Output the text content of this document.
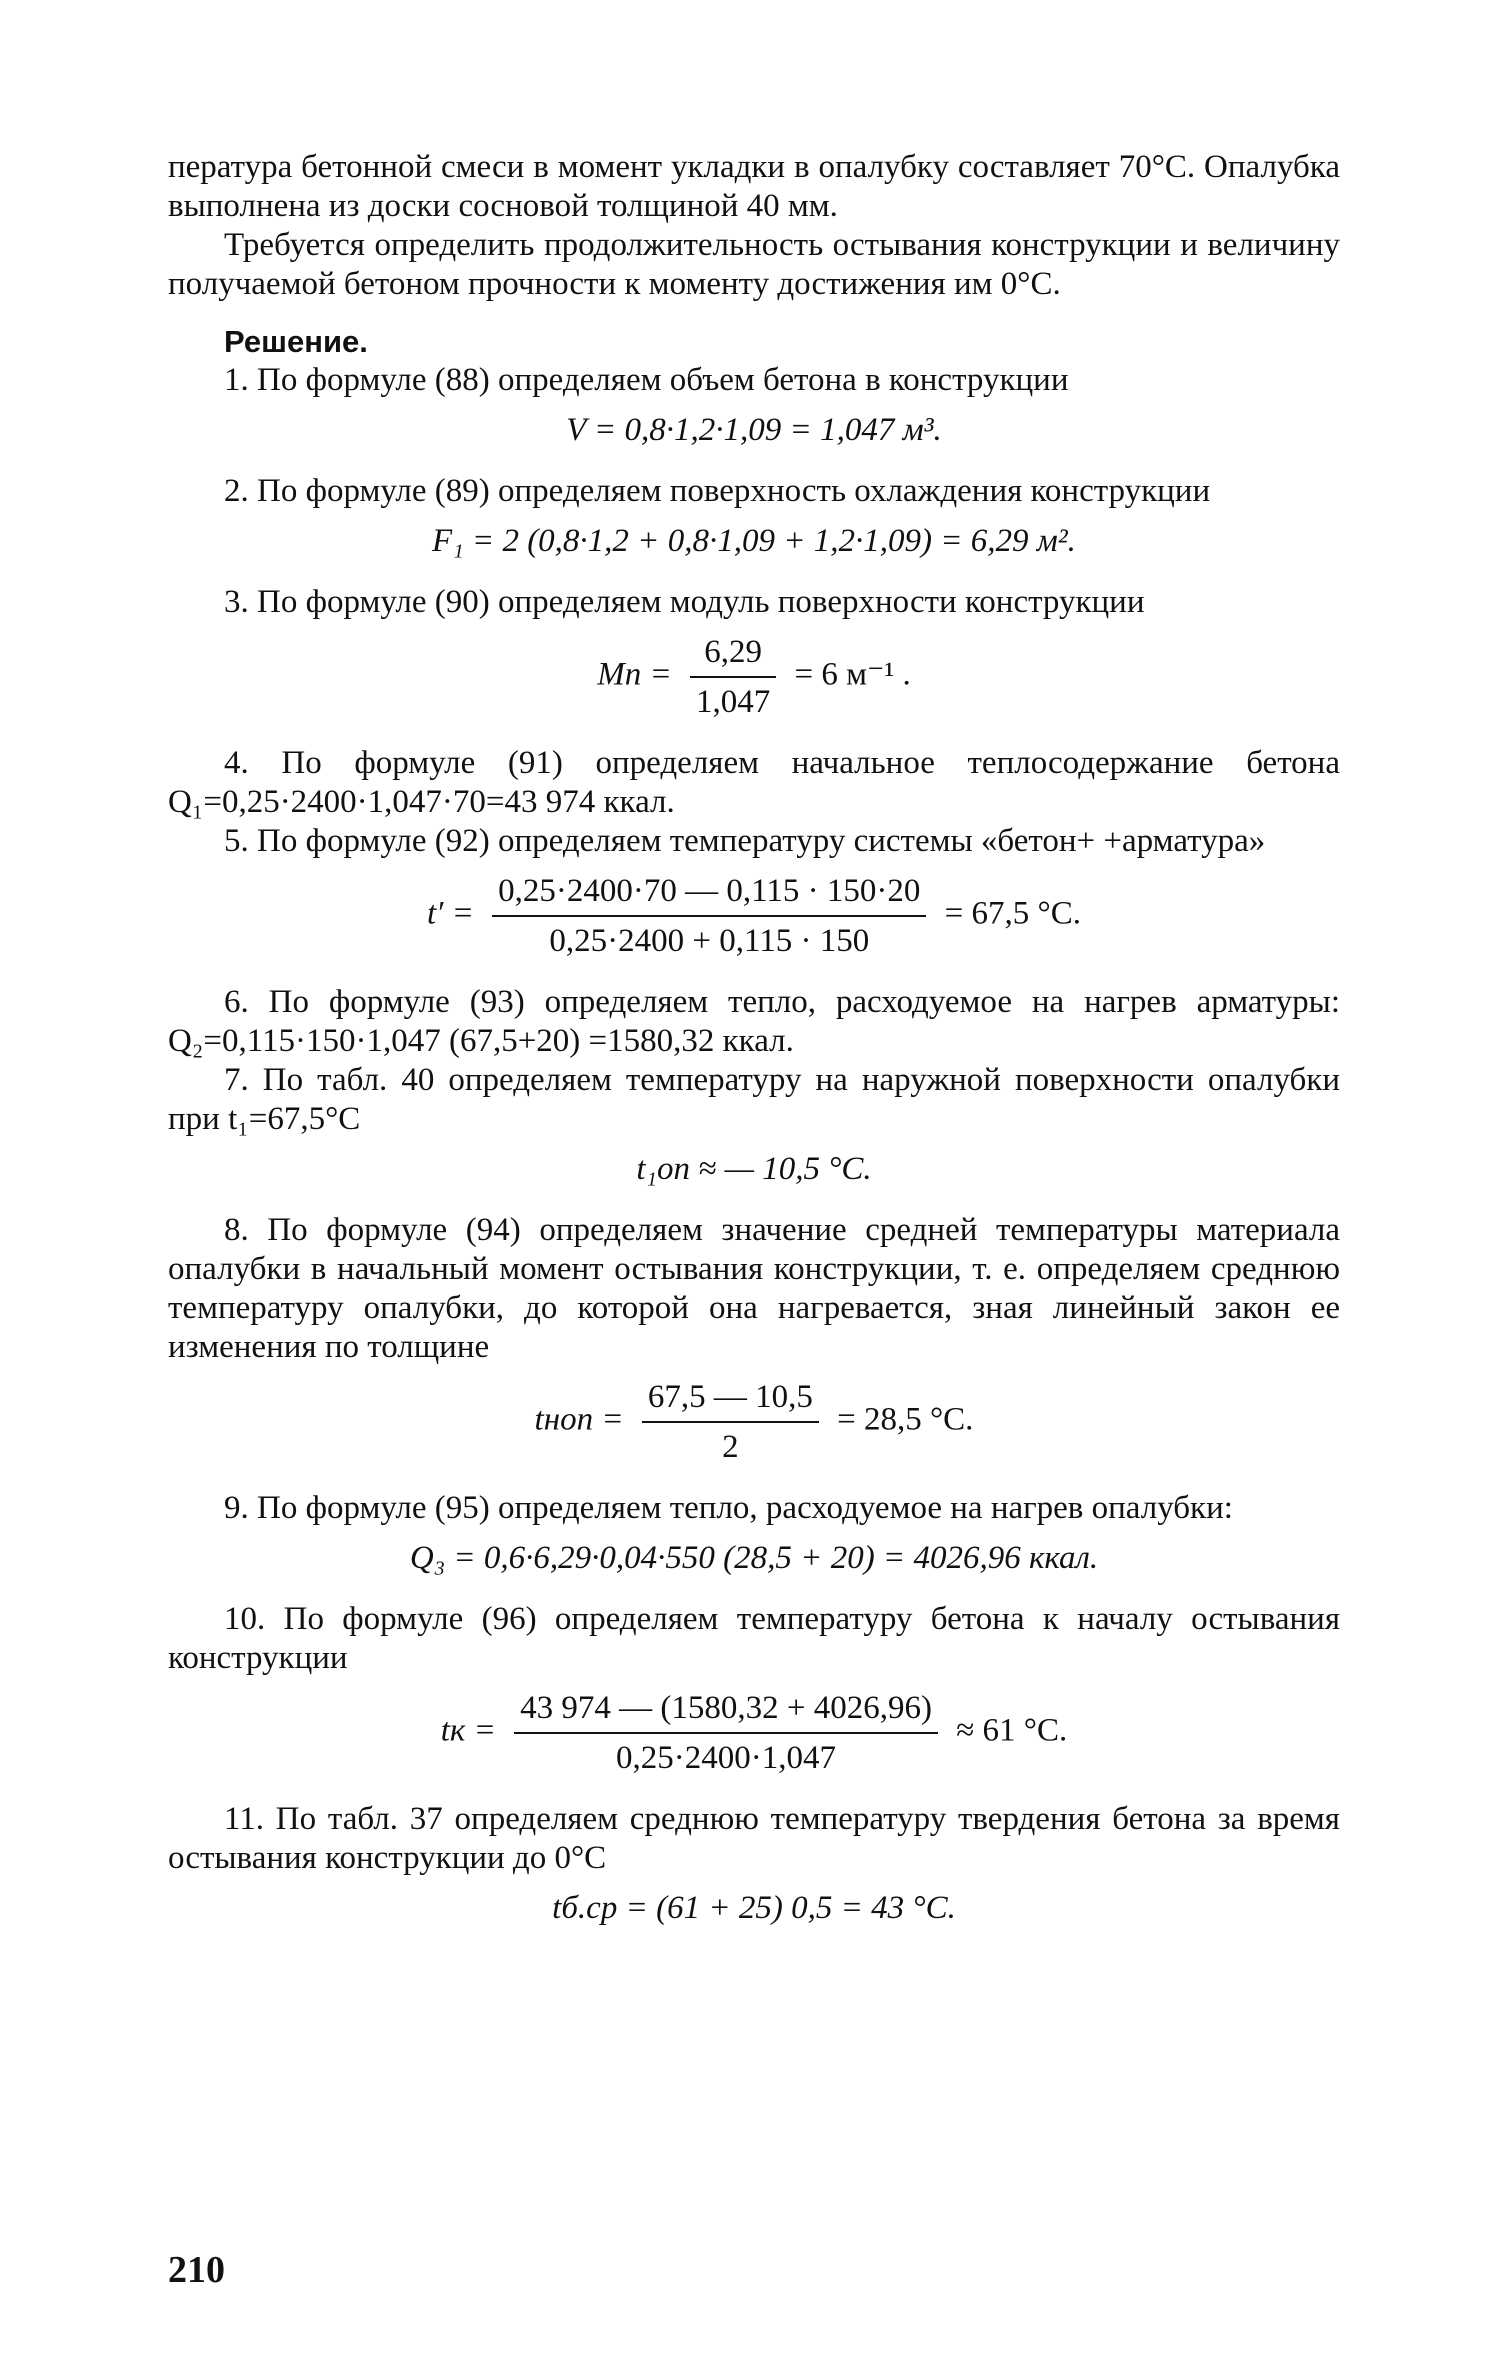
пература бетонной смеси в момент укладки в опалубку составляет 70°С. Опалубка выполнена из доски сосновой толщиной 40 мм.

Требуется определить продолжительность остывания конструкции и величину получаемой бетоном прочности к моменту достижения им 0°С.

Решение.

1. По формуле (88) определяем объем бетона в конструкции

V = 0,8·1,2·1,09 = 1,047 м³.

2. По формуле (89) определяем поверхность охлаждения конструкции

F₁ = 2 (0,8·1,2 + 0,8·1,09 + 1,2·1,09) = 6,29 м².

3. По формуле (90) определяем модуль поверхности конструкции

Mп = $\frac{6,29}{1,047} = 6$ м⁻¹ .

4. По формуле (91) определяем начальное теплосодержание бетона Q₁=0,25·2400·1,047·70=43 974 ккал.

5. По формуле (92) определяем температуру системы «бетон+ +арматура»

$t' = \frac{0,25\cdot 2400\cdot 70 — 0,115 \cdot 150\cdot 20}{0,25\cdot 2400 + 0,115 \cdot 150} = 67,5$ °С.

6. По формуле (93) определяем тепло, расходуемое на нагрев арматуры: Q₂=0,115·150·1,047 (67,5+20) =1580,32 ккал.

7. По табл. 40 определяем температуру на наружной поверхности опалубки при t₁=67,5°С

t₁оп ≈ — 10,5 °С.

8. По формуле (94) определяем значение средней температуры материала опалубки в начальный момент остывания конструкции, т. е. определяем среднюю температуру опалубки, до которой она нагревается, зная линейный закон ее изменения по толщине

tноп = $\frac{67,5 — 10,5}{2} = 28,5$ °С.

9. По формуле (95) определяем тепло, расходуемое на нагрев опалубки:

Q₃ = 0,6·6,29·0,04·550 (28,5 + 20) = 4026,96 ккал.

10. По формуле (96) определяем температуру бетона к началу остывания конструкции

tк = $\frac{43 974 — (1580,32 + 4026,96)}{0,25\cdot 2400\cdot 1,047} \approx 61$ °С.

11. По табл. 37 определяем среднюю температуру твердения бетона за время остывания конструкции до 0°С

tб.ср = (61 + 25) 0,5 = 43 °С.
210
